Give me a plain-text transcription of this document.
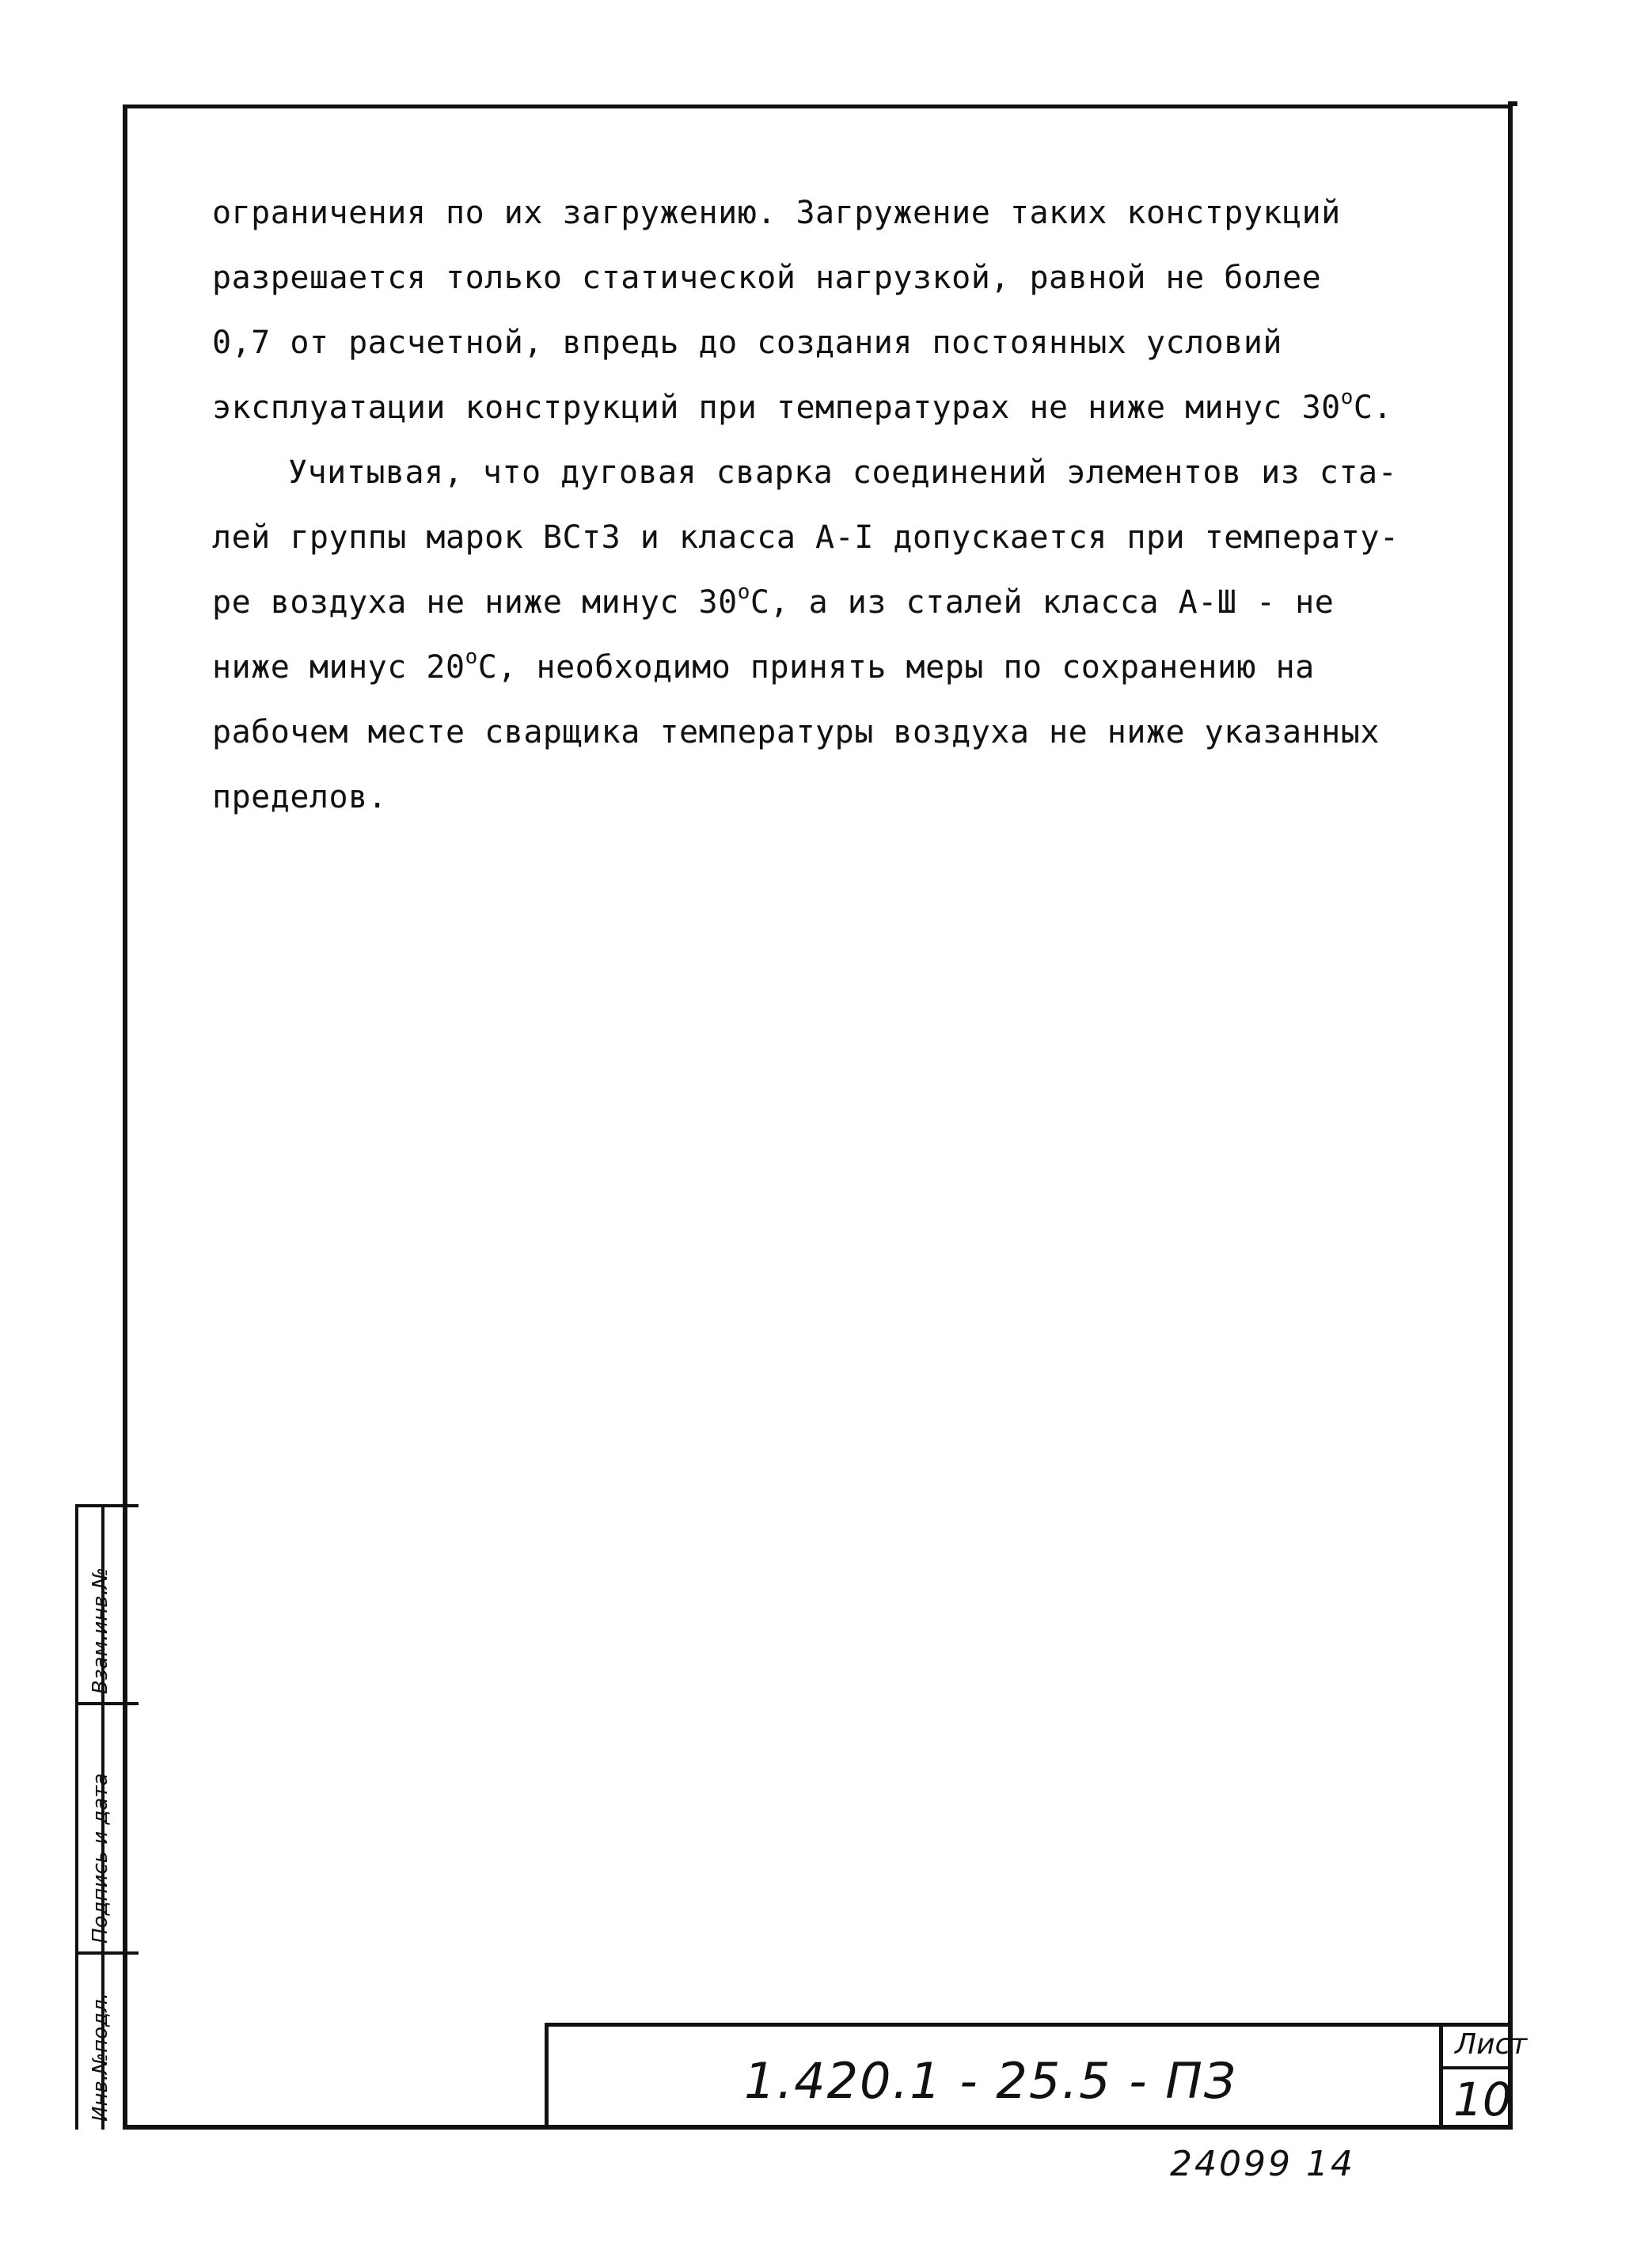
ограничения по их загружению. Загружение таких конструкций
разрешается только статической нагрузкой, равной не более
0,7 от расчетной, впредь до создания постоянных условий
эксплуатации конструкций при температурах не ниже минус $30^оС$.
Учитывая, что дуговая сварка соединений элементов из ста-
лей группы марок ВСт3 и класса А-I допускается при температу-
ре воздуха не ниже минус $30^оС$, а из сталей класса А-Ш - не
ниже минус $20^оС$, необходимо принять меры по сохранению на
рабочем месте сварщика температуры воздуха не ниже указанных
пределов.
Взам.инв.№
Подпись и дата
Инв.№подл.	1.420.1 - 25.5 - ПЗ
Лист
10
24099 14
